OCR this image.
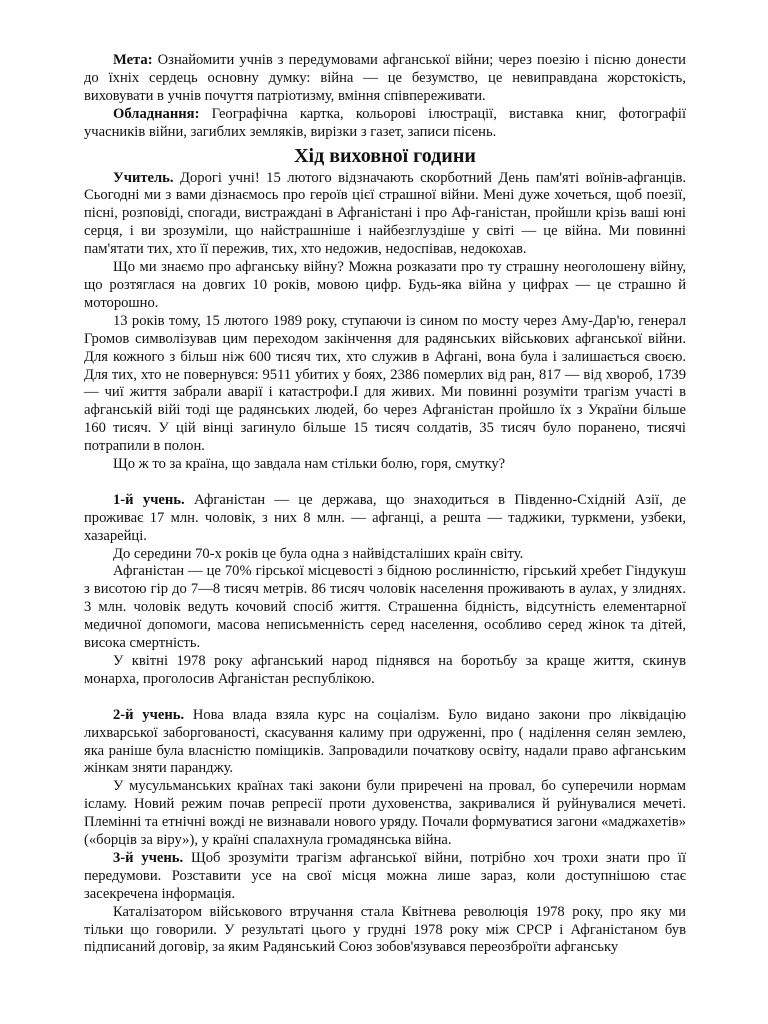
Мета: Ознайомити учнів з передумовами афганської війни; через поезію і пісню донести до їхніх сердець основну думку: війна — це безумство, це невиправдана жорстокість, виховувати в учнів почуття патріотизму, вміння співпереживати.

Обладнання: Географічна картка, кольорові ілюстрації, виставка книг, фотографії учасників війни, загиблих земляків, вирізки з газет, записи пісень.

Хід виховної години

Учитель. Дорогі учні! 15 лютого відзначають скорботний День пам'яті воїнів-афганців. Сьогодні ми з вами дізнаємось про героїв цієї страшної війни. Мені дуже хочеться, щоб поезії, пісні, розповіді, спогади, вистраждані в Афганістані і про Аф-ганістан, пройшли крізь ваші юні серця, і ви зрозуміли, що найстрашніше і найбезглуздіше у світі — це війна. Ми повинні пам'ятати тих, хто її пережив, тих, хто недожив, недоспівав, недокохав.

Що ми знаємо про афганську війну? Можна розказати про ту страшну неоголошену війну, що розтяглася на довгих 10 років, мовою цифр. Будь-яка війна у цифрах — це страшно й моторошно.

13 років тому, 15 лютого 1989 року, ступаючи із сином по мосту через Аму-Дар'ю, генерал Громов символізував цим переходом закінчення для радянських військових афганської війни. Для кожного з більш ніж 600 тисяч тих, хто служив в Афгані, вона була і залишається своєю. Для тих, хто не повернувся: 9511 убитих у боях, 2386 померлих від ран, 817 — від хвороб, 1739 — чиї життя забрали аварії і катастрофи.І для живих. Ми повинні розуміти трагізм участі в афганській війі тоді ще радянських людей, бо через Афганістан пройшло їх з України більше 160 тисяч. У цій вінці загинуло більше 15 тисяч солдатів, 35 тисяч було поранено, тисячі потрапили в полон.

Що ж то за країна, що завдала нам стільки болю, горя, смутку?

1-й учень. Афганістан — це держава, що знаходиться в Південно-Східній Азії, де проживає 17 млн. чоловік, з них 8 млн. — афганці, а решта — таджики, туркмени, узбеки, хазарейці.

До середини 70-х років це була одна з найвідсталіших країн світу.

Афганістан — це 70% гірської місцевості з бідною рослинністю, гірський хребет Гіндукуш з висотою гір до 7—8 тисяч метрів. 86 тисяч чоловік населення проживають в аулах, у злиднях. 3 млн. чоловік ведуть кочовий спосіб життя. Страшенна бідність, відсутність елементарної медичної допомоги, масова неписьменність серед населення, особливо серед жінок та дітей, висока смертність.

У квітні 1978 року афганський народ піднявся на боротьбу за краще життя, скинув монарха, проголосив Афганістан республікою.

2-й учень. Нова влада взяла курс на соціалізм. Було видано закони про ліквідацію лихварської заборгованості, скасування калиму при одруженні, про ( наділення селян землею, яка раніше була власністю поміщиків. Запровадили початкову освіту, надали право афганським жінкам зняти паранджу.

У мусульманських країнах такі закони були приречені на провал, бо суперечили нормам ісламу. Новий режим почав репресії проти духовенства, закривалися й руйнувалися мечеті. Племінні та етнічні вожді не визнавали нового уряду. Почали формуватися загони «маджахетів» («борців за віру»), у країні спалахнула громадянська війна.

3-й учень. Щоб зрозуміти трагізм афганської війни, потрібно хоч трохи знати про її передумови. Розставити усе на свої місця можна лише зараз, коли доступнішою стає засекречена інформація.

Каталізатором військового втручання стала Квітнева революція 1978 року, про яку ми тільки що говорили. У результаті цього у грудні 1978 року між СРСР і Афганістаном був підписаний договір, за яким Радянський Союз зобов'язувався переозброїти афганську
